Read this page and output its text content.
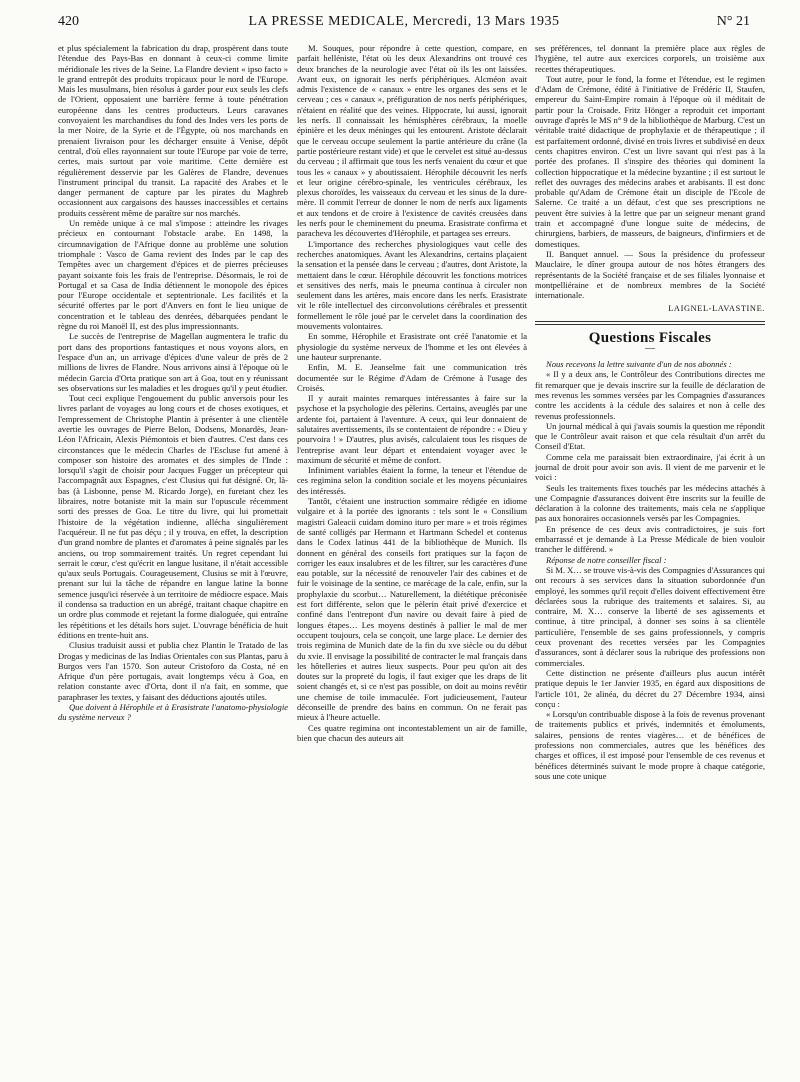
420	LA PRESSE MEDICALE, Mercredi, 13 Mars 1935	N° 21

et plus spécialement la fabrication du drap, prospèrent dans toute l'étendue des Pays-Bas en donnant à ceux-ci comme limite méridionale les rives de la Seine. La Flandre devient « ipso facto » le grand entrepôt des produits tropicaux pour le nord de l'Europe. Mais les musulmans, bien résolus à garder pour eux seuls les clefs de l'Orient, opposaient une barrière ferme à toute pénétration européenne dans les centres producteurs. Leurs caravanes convoyaient les marchandises du fond des Indes vers les ports de la mer Noire, de la Syrie et de l'Égypte, où nos marchands en prenaient livraison pour les décharger ensuite à Venise, dépôt central, d'où elles rayonnaient sur toute l'Europe par voie de terre, certes, mais surtout par voie maritime. Cette dernière est régulièrement desservie par les Galères de Flandre, devenues l'instrument principal du transit. La rapacité des Arabes et le danger permanent de capture par les pirates du Maghreb occasionnent aux cargaisons des hausses inaccessibles et certains produits cessèrent même de paraître sur nos marchés.

Un remède unique à ce mal s'impose : atteindre les rivages précieux en contournant l'obstacle arabe. En 1498, la circumnavigation de l'Afrique donne au problème une solution triomphale : Vasco de Gama revient des Indes par le cap des Tempêtes avec un chargement d'épices et de pierres précieuses payant soixante fois les frais de l'entreprise. Désormais, le roi de Portugal et sa Casa de India détiennent le monopole des épices pour l'Europe occidentale et septentrionale. Les facilités et la sécurité offertes par le port d'Anvers en font le lieu unique de concentration et le tableau des denrées, débarquées pendant le règne du roi Manoël II, est des plus impressionnants.

Le succès de l'entreprise de Magellan augmentera le trafic du port dans des proportions fantastiques et nous voyons alors, en l'espace d'un an, un arrivage d'épices d'une valeur de près de 2 millions de livres de Flandre. Nous arrivons ainsi à l'époque où le médecin Garcia d'Orta pratique son art à Goa, tout en y réunissant ses observations sur les maladies et les drogues qu'il y peut étudier.

Tout ceci explique l'engouement du public anversois pour les livres parlant de voyages au long cours et de choses exotiques, et l'empressement de Christophe Plantin à présenter à une clientèle avertie les ouvrages de Pierre Belon, Dodsens, Monardès, Jean-Léon l'Africain, Alexis Piémontois et bien d'autres. C'est dans ces circonstances que le médecin Charles de l'Escluse fut amené à composer son histoire des aromates et des simples de l'Inde : lorsqu'il s'agit de choisir pour Jacques Fugger un précepteur qui l'accompagnât aux Espagnes, c'est Clusius qui fut désigné. Or, là-bas (à Lisbonne, pense M. Ricardo Jorge), en furetant chez les libraires, notre botaniste mit la main sur l'opuscule récemment sorti des presses de Goa. Le titre du livre, qui lui promettait l'histoire de la végétation indienne, alléchа singulièrement l'acquéreur. Il ne fut pas déçu ; il y trouva, en effet, la description d'un grand nombre de plantes et d'aromates à peine signalés par les anciens, ou trop sommairement traités. Un regret cependant lui serrait le cœur, c'est qu'écrit en langue lusitane, il n'était accessible qu'aux seuls Portugais. Courageusement, Clusius se mit à l'œuvre, prenant sur lui la tâche de répandre en langue latine la bonne semence jusqu'ici réservée à un territoire de médiocre espace. Mais il condensa sa traduction en un abrégé, traitant chaque chapitre en un ordre plus commode et rejetant la forme dialoguée, qui entraîne les répétitions et les détails hors sujet. L'ouvrage bénéficia de huit éditions en trente-huit ans.

Clusius traduisit aussi et publia chez Plantin le Tratado de las Drogas y medicinas de las Indias Orientales con sus Plantas, paru à Burgos vers l'an 1570. Son auteur Cristoforo da Costa, né en Afrique d'un père portugais, avait longtemps vécu à Goa, en relation constante avec d'Orta, dont il n'a fait, en somme, que paraphraser les textes, y faisant des déductions ajoutés utiles.

Que doivent à Hérophile et à Erasistrate l'anatomo-physiologie du système nerveux ?

M. Souques, pour répondre à cette question, compare, en parfait helléniste, l'état où les deux Alexandrins ont trouvé ces deux branches de la neurologie avec l'état où ils les ont laissées. Avant eux, on ignorait les nerfs périphériques. Alcméon avait admis l'existence de « canaux » entre les organes des sens et le cerveau ; ces « canaux », préfiguration de nos nerfs périphériques, n'étaient en réalité que des veines. Hippocrate, lui aussi, ignorait les nerfs. Il connaissait les hémisphères cérébraux, la moelle épinière et les deux méninges qui les entourent. Aristote déclarait que le cerveau occupe seulement la partie antérieure du crâne (la partie postérieure restant vide) et que le cervelet est situé au-dessus du cerveau ; il affirmait que tous les nerfs venaient du cœur et que tous les « canaux » y aboutissaient. Hérophile découvrit les nerfs et leur origine cérébro-spinale, les ventricules cérébraux, les plexus choroïdes, les vaisseaux du cerveau et les sinus de la dure-mère. Il commit l'erreur de donner le nom de nerfs aux ligaments et aux tendons et de croire à l'existence de cavités creusées dans les nerfs pour le cheminement du pneuma. Erasistrate confirma et paracheva les découvertes d'Hérophile, et partagea ses erreurs.

L'importance des recherches physiologiques vaut celle des recherches anatomiques. Avant les Alexandrins, certains plaçaient la sensation et la pensée dans le cerveau ; d'autres, dont Aristote, la mettaient dans le cœur. Hérophile découvrit les fonctions motrices et sensitives des nerfs, mais le pneuma continua à circuler non seulement dans les artères, mais encore dans les nerfs. Erasistrate vit le rôle intellectuel des circonvolutions cérébrales et pressentit formellement le rôle joué par le cervelet dans la coordination des mouvements volontaires.

En somme, Hérophile et Erasistrate ont créé l'anatomie et la physiologie du système nerveux de l'homme et les ont élevées à une hauteur surprenante.

Enfin, M. E. Jeanselme fait une communication très documentée sur le Régime d'Adam de Crémone à l'usage des Croisés.

Il y aurait maintes remarques intéressantes à faire sur la psychose et la psychologie des pèlerins. Certains, aveuglés par une ardente foi, partaient à l'aventure. A ceux, qui leur donnaient de salutaires avertissements, ils se contentaient de répondre : « Dieu y pourvoira ! » D'autres, plus avisés, calculaient tous les risques de l'entreprise avant leur départ et entendaient voyager avec le maximum de sécurité et même de confort.

Infiniment variables étaient la forme, la teneur et l'étendue de ces regimina selon la condition sociale et les moyens pécuniaires des intéressés.

Tantôt, c'étaient une instruction sommaire rédigée en idiome vulgaire et à la portée des ignorants : tels sont le « Consilium magistri Galeacii cuidam domino ituro per mare » et trois régimes de santé colligés par Hermann et Hartmann Schedel et contenus dans le Codex latinus 441 de la bibliothèque de Munich. Ils donnent en général des conseils fort pratiques sur la façon de corriger les eaux insalubres et de les filtrer, sur les caractères d'une eau potable, sur la nécessité de renouveler l'air des cabines et de fuir le voisinage de la sentine, ce marécage de la cale, enfin, sur la prophylaxie du scorbut… Naturellement, la diététique préconisée est fort différente, selon que le pèlerin était privé d'exercice et confiné dans l'entrepont d'un navire ou devait faire à pied de longues étapes… Les moyens destinés à pallier le mal de mer occupent toujours, cela se conçoit, une large place. Le dernier des trois regimina de Munich date de la fin du xve siècle ou du début du xvie. Il envisage la possibilité de contracter le mal français dans les hôtelleries et autres lieux suspects. Pour peu qu'on ait des doutes sur la propreté du logis, il faut exiger que les draps de lit soient changés et, si ce n'est pas possible, on doit au moins revêtir une chemise de toile immaculée. Fort judicieusement, l'auteur déconseille de prendre des bains en commun. On ne ferait pas mieux à l'heure actuelle.

Ces quatre regimina ont incontestablement un air de famille, bien que chacun des auteurs ait

ses préférences, tel donnant la première place aux règles de l'hygiène, tel autre aux exercices corporels, un troisième aux recettes thérapeutiques.

Tout autre, pour le fond, la forme et l'étendue, est le regimen d'Adam de Crémone, édité à l'initiative de Frédéric II, Staufen, empereur du Saint-Empire romain à l'époque où il méditait de partir pour la Croisade. Fritz Hönger a reproduit cet important ouvrage d'après le MS n° 9 de la bibliothèque de Marburg. C'est un véritable traité didactique de prophylaxie et de thérapeutique ; il est parfaitement ordonné, divisé en trois livres et subdivisé en deux cents chapitres environ. C'est un livre savant qui n'est pas à la portée des profanes. Il s'inspire des théories qui dominent la collection hippocratique et la médecine byzantine ; il est surtout le reflet des ouvrages des médecins arabes et arabisants. Il est donc probable qu'Adam de Crémone était un disciple de l'Ecole de Salerne. Ce traité a un défaut, c'est que ses prescriptions ne peuvent être suivies à la lettre que par un seigneur menant grand train et accompagné d'une longue suite de médecins, de chirurgiens, barbiers, de masseurs, de baigneurs, d'infirmiers et de domestiques.

II. Banquet annuel. — Sous la présidence du professeur Mauclaire, le dîner groupa autour de nos hôtes étrangers des représentants de la Société française et de ses filiales lyonnaise et montpelliéraine et de nombreux membres de la Société internationale.

LAIGNEL-LAVASTINE.
Questions Fiscales
—

Nous recevons la lettre suivante d'un de nos abonnés :

« Il y a deux ans, le Contrôleur des Contributions directes me fit remarquer que je devais inscrire sur la feuille de déclaration de mes revenus les sommes versées par les Compagnies d'assurances contre les accidents à la cédule des salaires et non à celle des revenus professionnels.

Un journal médical à qui j'avais soumis la question me répondit que le Contrôleur avait raison et que cela résultait d'un arrêt du Conseil d'Etat.

Comme cela me paraissait bien extraordinaire, j'ai écrit à un journal de droit pour avoir son avis. Il vient de me parvenir et le voici :

Seuls les traitements fixes touchés par les médecins attachés à une Compagnie d'assurances doivent être inscrits sur la feuille de déclaration à la colonne des traitements, mais cela ne s'applique pas aux honoraires occasionnels versés par les Compagnies.

En présence de ces deux avis contradictoires, je suis fort embarrassé et je demande à La Presse Médicale de bien vouloir trancher le différend. »

Réponse de notre conseiller fiscal :

Si M. X… se trouve vis-à-vis des Compagnies d'Assurances qui ont recours à ses services dans la situation subordonnée d'un employé, les sommes qu'il reçoit d'elles doivent effectivement être déclarées sous la rubrique des traitements et salaires. Si, au contraire, M. X… conserve la liberté de ses agissements et continue, à titre principal, à donner ses soins à sa clientèle particulière, l'ensemble de ses gains professionnels, y compris ceux provenant des recettes versées par les Compagnies d'assurances, sont à déclarer sous la rubrique des professions non commerciales.

Cette distinction ne présente d'ailleurs plus aucun intérêt pratique depuis le 1er Janvier 1935, en égard aux dispositions de l'article 101, 2e alinéa, du décret du 27 Décembre 1934, ainsi conçu :

« Lorsqu'un contribuable dispose à la fois de revenus provenant de traitements publics et privés, indemnités et émoluments, salaires, pensions de rentes viagères… et de bénéfices de professions non commerciales, autres que les bénéfices des charges et offices, il est imposé pour l'ensemble de ces revenus et bénéfices déterminés suivant le mode propre à chaque catégorie, sous une cote unique
